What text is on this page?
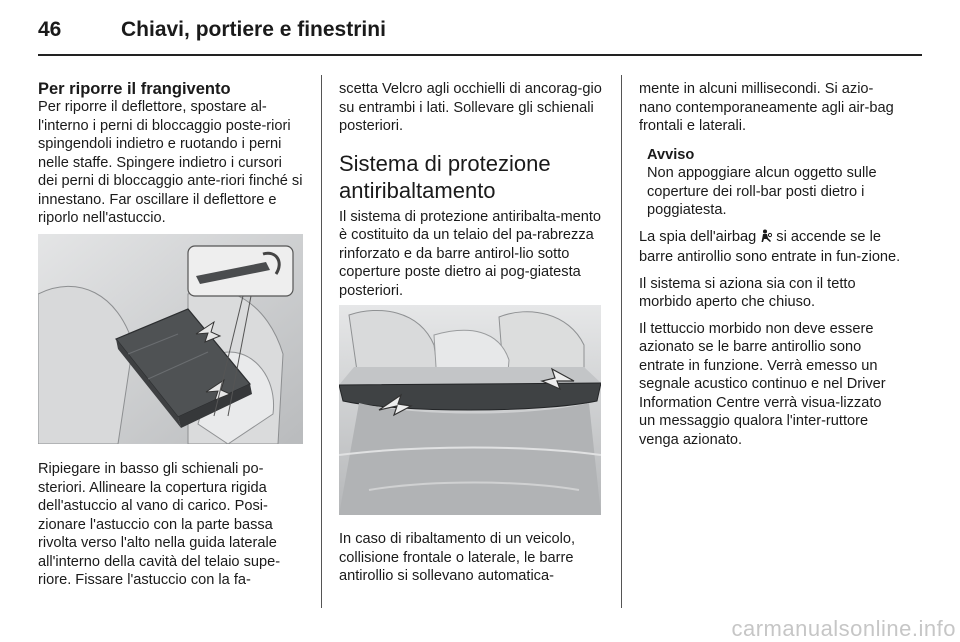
46	Chiavi, portiere e finestrini
Per riporre il frangivento

Per riporre il deflettore, spostare al-l'interno i perni di bloccaggio poste-riori spingendoli indietro e ruotando i perni nelle staffe. Spingere indietro i cursori dei perni di bloccaggio ante-riori finché si innestano. Far oscillare il deflettore e riporlo nell'astuccio.

Ripiegare in basso gli schienali po-steriori. Allineare la copertura rigida dell'astuccio al vano di carico. Posi-zionare l'astuccio con la parte bassa rivolta verso l'alto nella guida laterale all'interno della cavità del telaio supe-riore. Fissare l'astuccio con la fa-

scetta Velcro agli occhielli di ancorag-gio su entrambi i lati. Sollevare gli schienali posteriori.

Sistema di protezione antiribaltamento

Il sistema di protezione antiribalta-mento è costituito da un telaio del pa-rabrezza rinforzato e da barre antirol-lio sotto coperture poste dietro ai pog-giatesta posteriori.

In caso di ribaltamento di un veicolo, collisione frontale o laterale, le barre antirollio si sollevano automatica-

mente in alcuni millisecondi. Si azio-nano contemporaneamente agli air-bag frontali e laterali.

Avviso

Non appoggiare alcun oggetto sulle coperture dei roll-bar posti dietro i poggiatesta.

La spia dell'airbag  si accende se le barre antirollio sono entrate in fun-zione.

Il sistema si aziona sia con il tetto morbido aperto che chiuso.

Il tettuccio morbido non deve essere azionato se le barre antirollio sono entrate in funzione. Verrà emesso un segnale acustico continuo e nel Driver Information Centre verrà visua-lizzato un messaggio qualora l'inter-ruttore venga azionato.

carmanualsonline.info
